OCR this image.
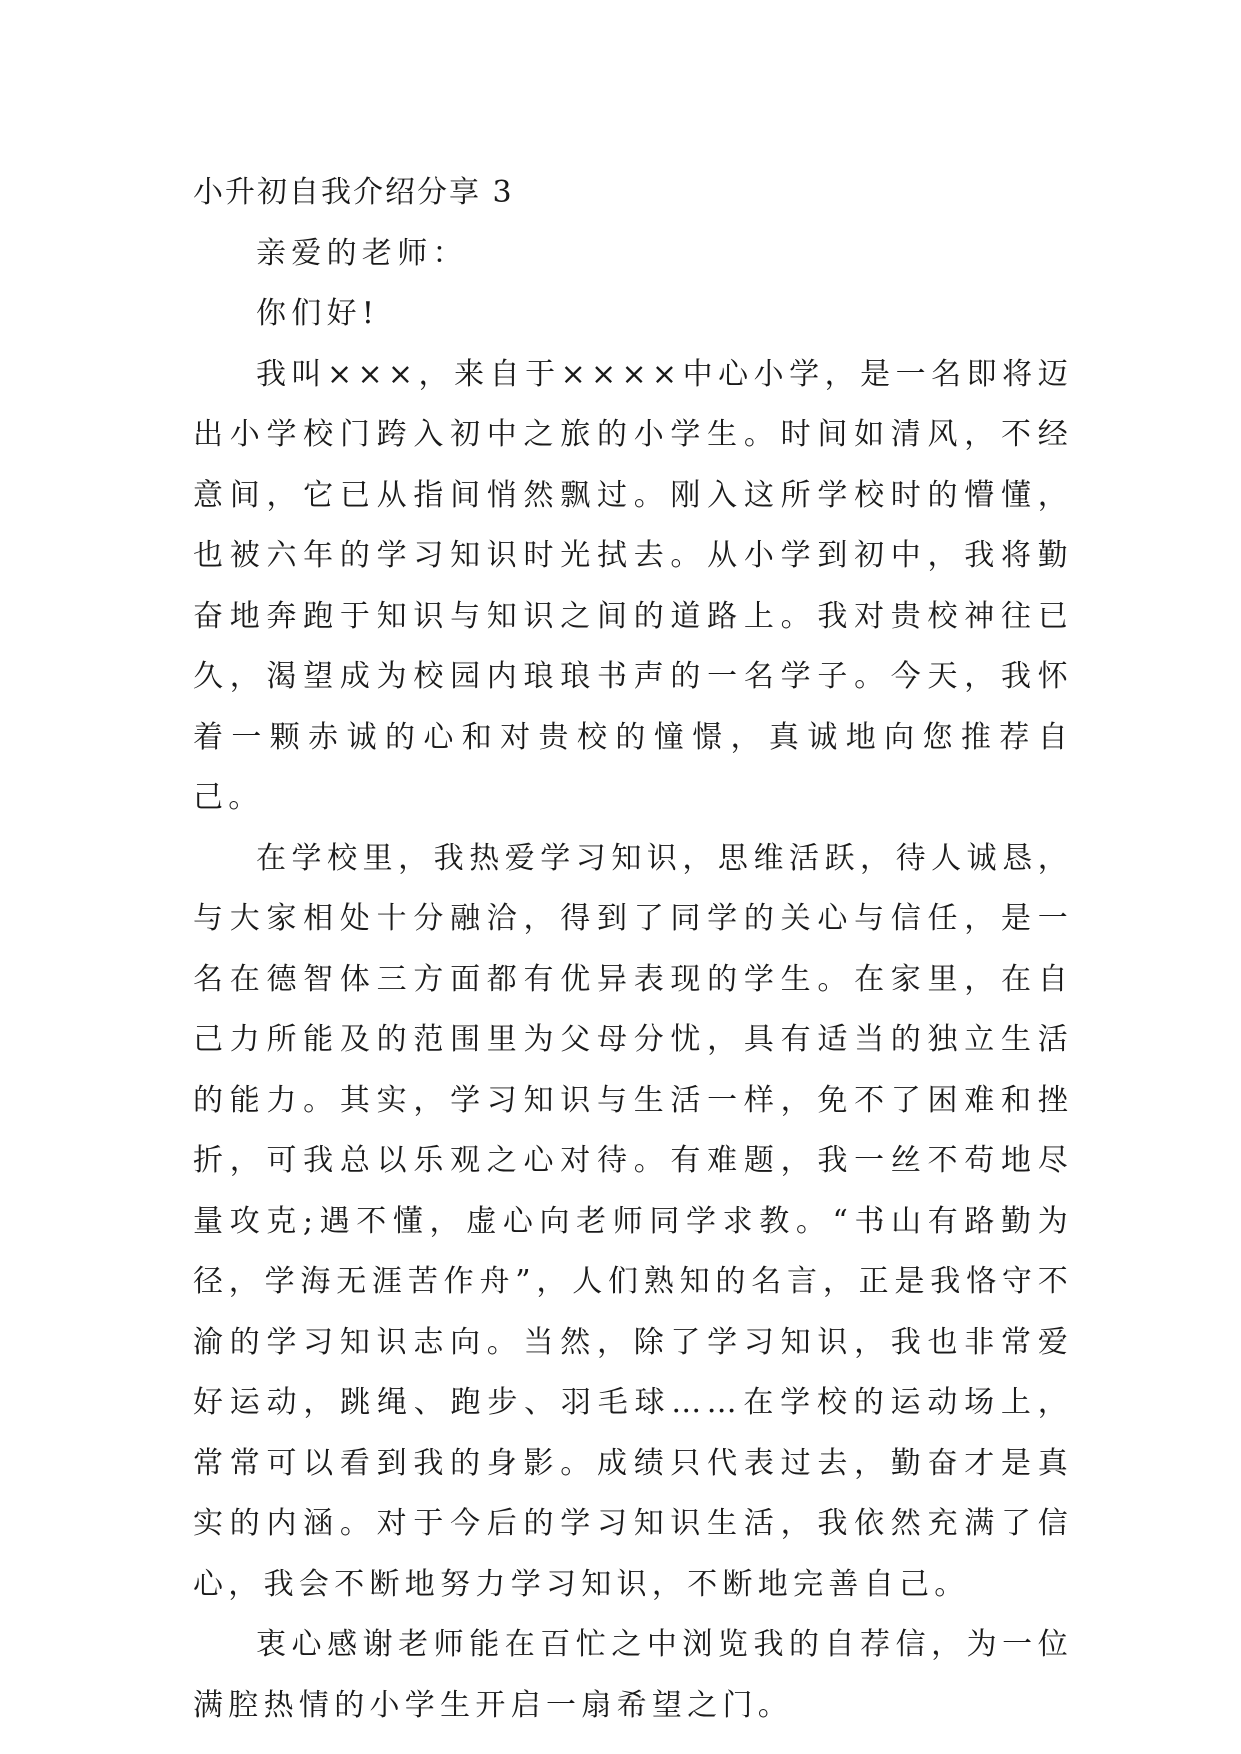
小升初自我介绍分享 3

亲爱的老师：

你们好!

我叫×××，来自于××××中心小学，是一名即将迈出小学校门跨入初中之旅的小学生。时间如清风，不经意间，它已从指间悄然飘过。刚入这所学校时的懵懂，也被六年的学习知识时光拭去。从小学到初中，我将勤奋地奔跑于知识与知识之间的道路上。我对贵校神往已久，渴望成为校园内琅琅书声的一名学子。今天，我怀着一颗赤诚的心和对贵校的憧憬，真诚地向您推荐自己。

在学校里，我热爱学习知识，思维活跃，待人诚恳，与大家相处十分融洽，得到了同学的关心与信任，是一名在德智体三方面都有优异表现的学生。在家里，在自己力所能及的范围里为父母分忧，具有适当的独立生活的能力。其实，学习知识与生活一样，免不了困难和挫折，可我总以乐观之心对待。有难题，我一丝不苟地尽量攻克;遇不懂，虚心向老师同学求教。“书山有路勤为径，学海无涯苦作舟”，人们熟知的名言，正是我恪守不渝的学习知识志向。当然，除了学习知识，我也非常爱好运动，跳绳、跑步、羽毛球……在学校的运动场上，常常可以看到我的身影。成绩只代表过去，勤奋才是真实的内涵。对于今后的学习知识生活，我依然充满了信心，我会不断地努力学习知识，不断地完善自己。

衷心感谢老师能在百忙之中浏览我的自荐信，为一位满腔热情的小学生开启一扇希望之门。
